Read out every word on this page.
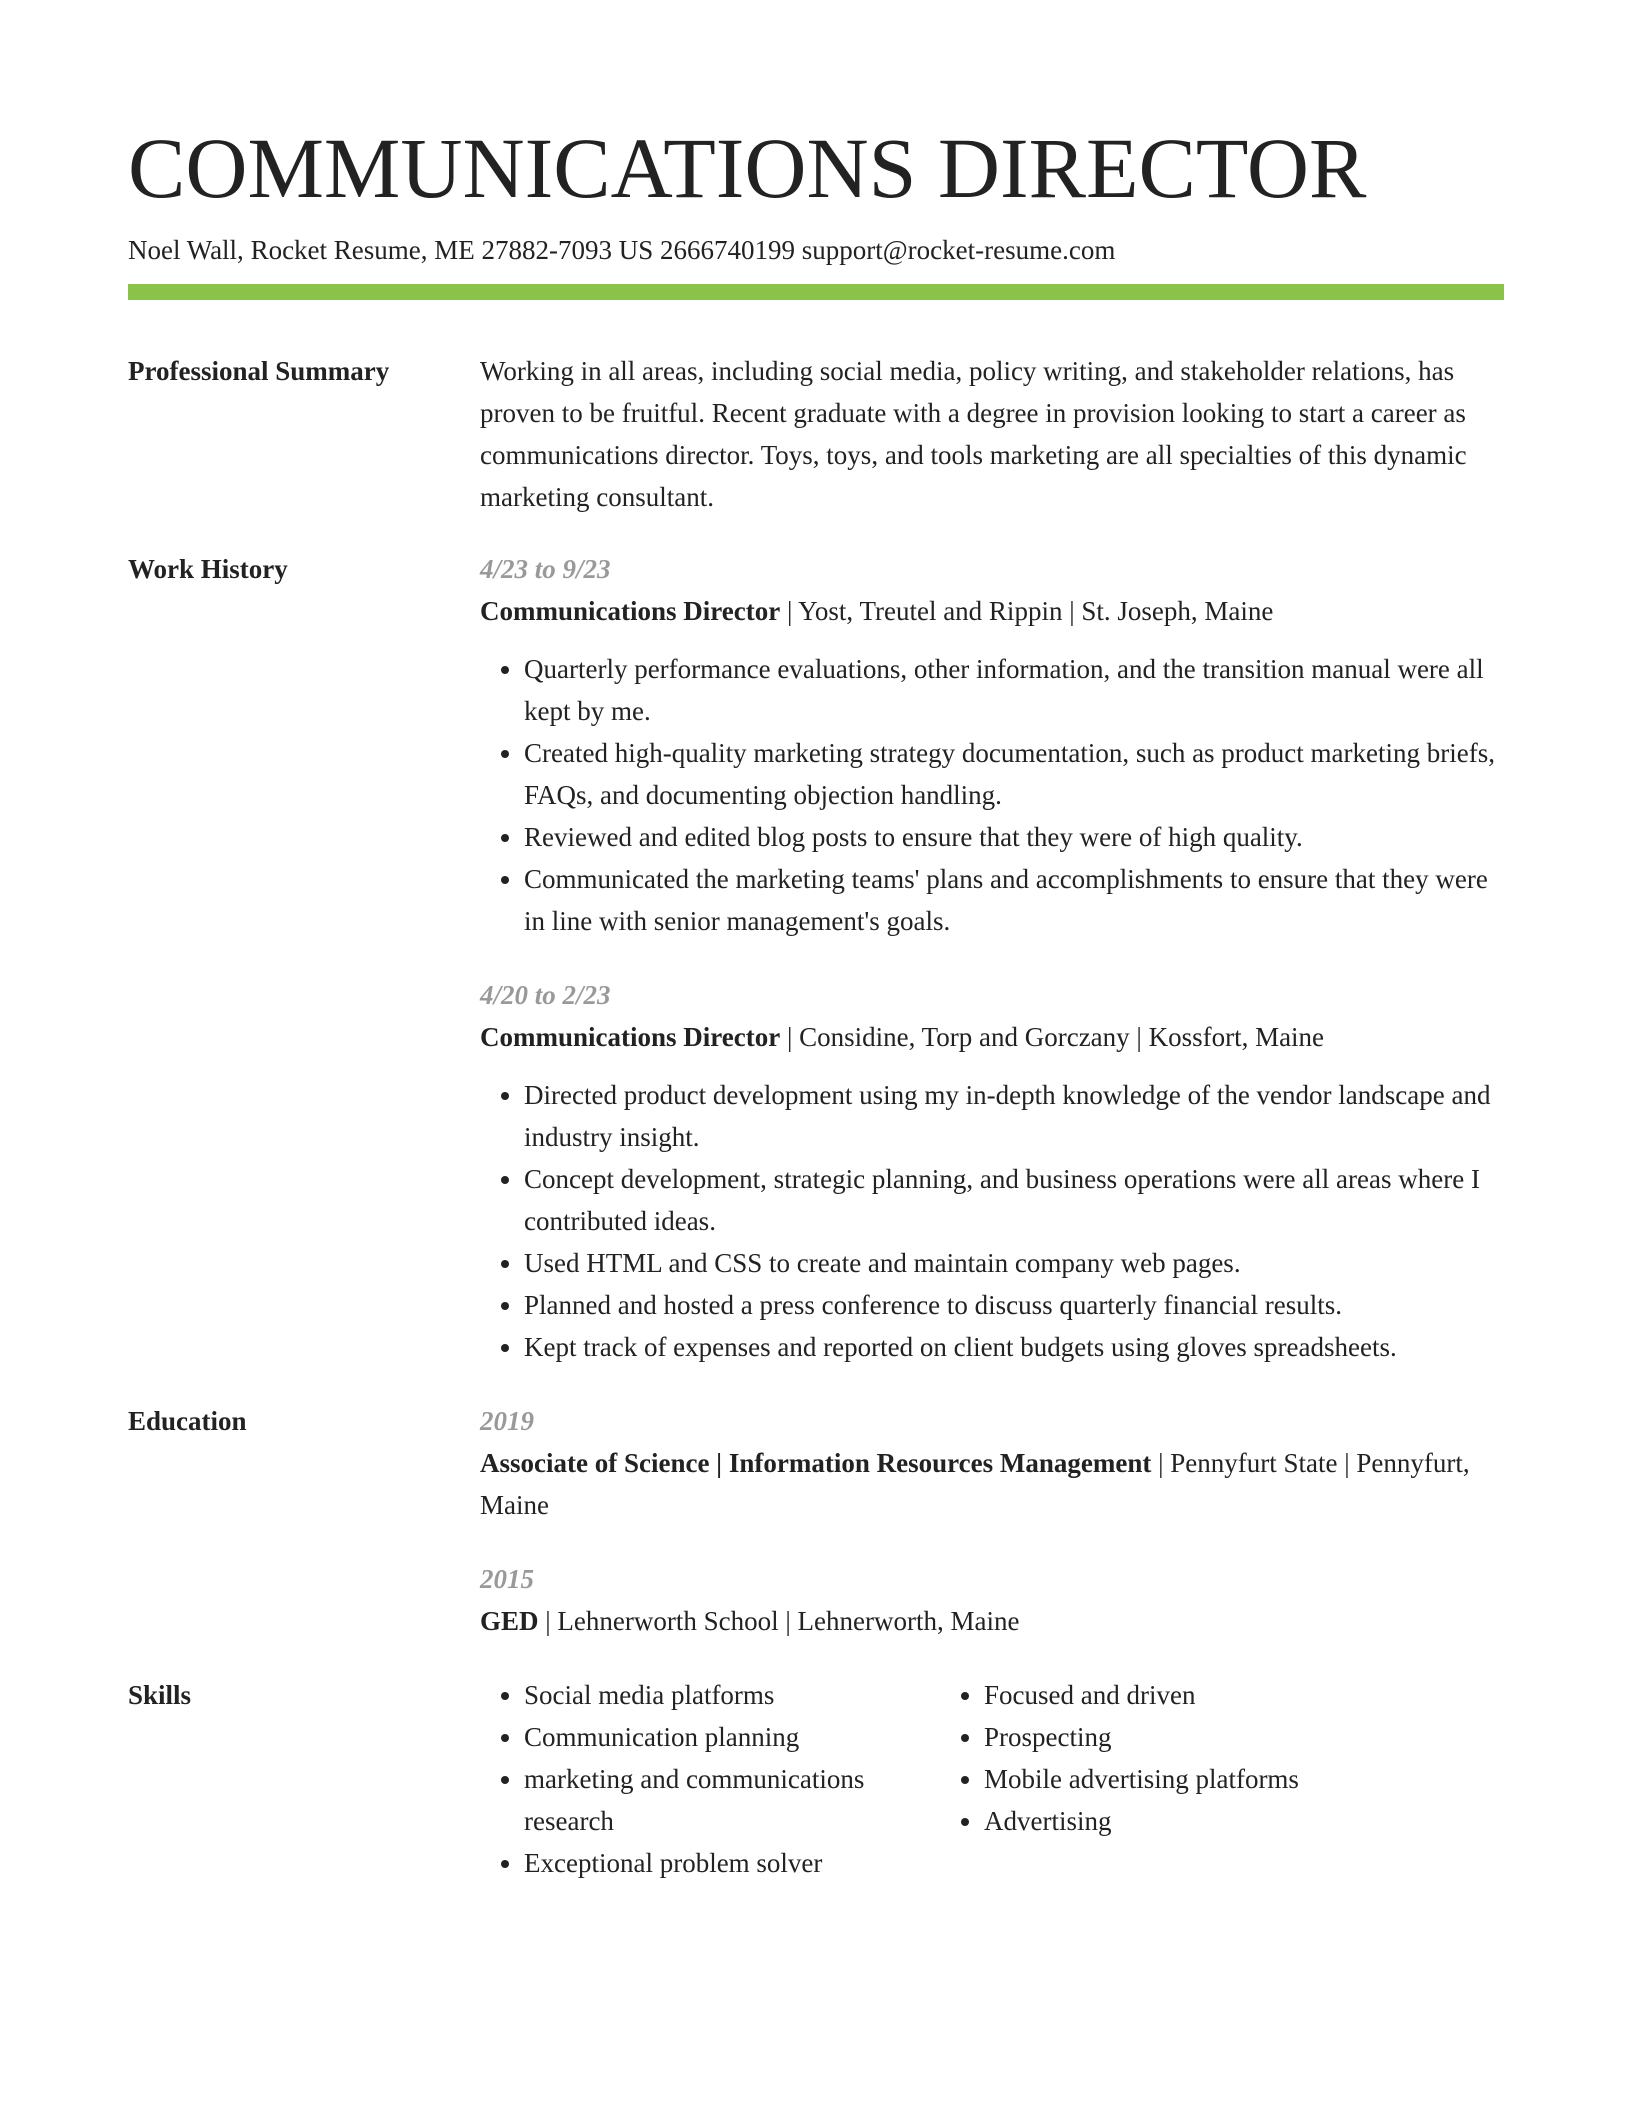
COMMUNICATIONS DIRECTOR
Noel Wall, Rocket Resume, ME 27882-7093 US 2666740199 support@rocket-resume.com
Professional Summary	Working in all areas, including social media, policy writing, and stakeholder relations, has proven to be fruitful. Recent graduate with a degree in provision looking to start a career as communications director. Toys, toys, and tools marketing are all specialties of this dynamic marketing consultant.
Work History	4/23 to 9/23
Communications Director | Yost, Treutel and Rippin | St. Joseph, Maine
• Quarterly performance evaluations, other information, and the transition manual were all kept by me.
• Created high-quality marketing strategy documentation, such as product marketing briefs, FAQs, and documenting objection handling.
• Reviewed and edited blog posts to ensure that they were of high quality.
• Communicated the marketing teams' plans and accomplishments to ensure that they were in line with senior management's goals.
4/20 to 2/23
Communications Director | Considine, Torp and Gorczany | Kossfort, Maine
• Directed product development using my in-depth knowledge of the vendor landscape and industry insight.
• Concept development, strategic planning, and business operations were all areas where I contributed ideas.
• Used HTML and CSS to create and maintain company web pages.
• Planned and hosted a press conference to discuss quarterly financial results.
• Kept track of expenses and reported on client budgets using gloves spreadsheets.
Education	2019
Associate of Science | Information Resources Management | Pennyfurt State | Pennyfurt, Maine
2015
GED | Lehnerworth School | Lehnerworth, Maine
Skills
•	Social media platforms
• Communication planning
• marketing and communications research
• Exceptional problem solver
• Focused and driven
• Prospecting
• Mobile advertising platforms
• Advertising
